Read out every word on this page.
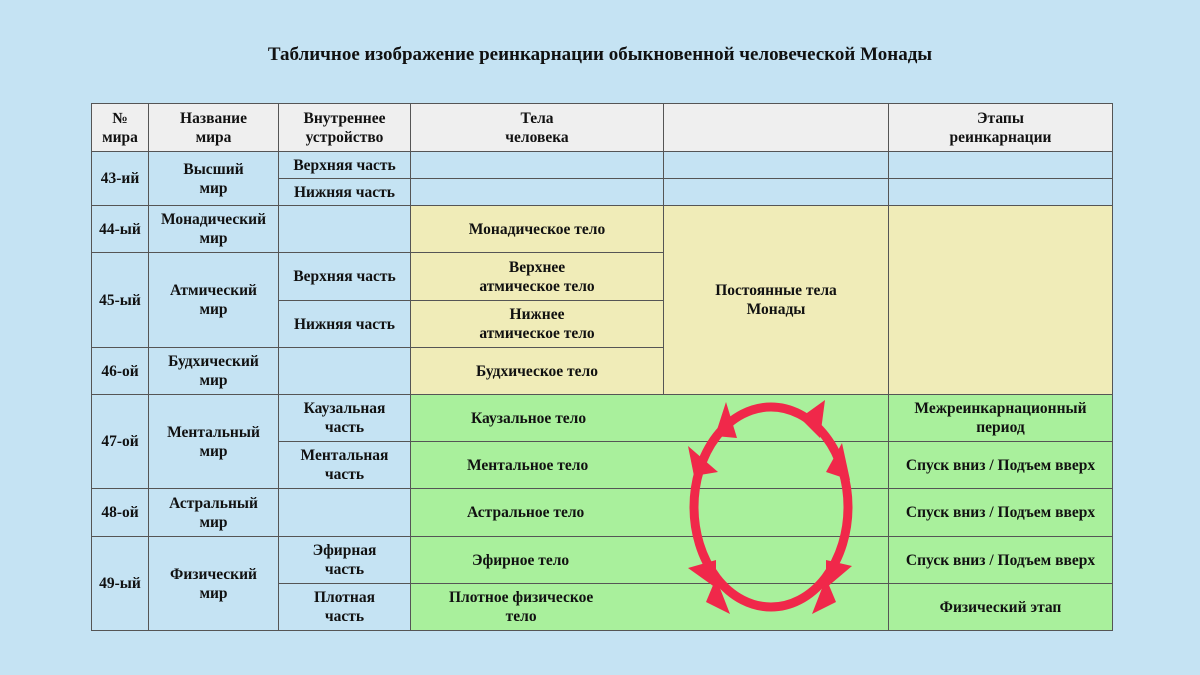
Табличное изображение реинкарнации обыкновенной человеческой Монады
№
мира
Название
мира
Внутреннее
устройство
Тела
человека
Этапы
реинкарнации
43-ий
Высший
мир
Верхняя часть
Нижняя часть
44-ый
Монадический
мир
Монадическое тело
45-ый
Атмический
мир
Верхняя часть
Нижняя часть
Верхнее
атмическое тело
Нижнее
атмическое тело
46-ой
Будхический
мир
Будхическое тело
Постоянные тела
Монады
47-ой
Ментальный
мир
Каузальная
часть
Ментальная
часть
Каузальное тело
Ментальное тело
Межреинкарнационный
период
Спуск вниз / Подъем вверх
48-ой
Астральный
мир
Астральное тело	Спуск вниз / Подъем вверх
49-ый
Физический
мир
Эфирная
часть
Плотная
часть
Эфирное тело
Плотное физическое
тело
Спуск вниз / Подъем вверх
Физический этап
